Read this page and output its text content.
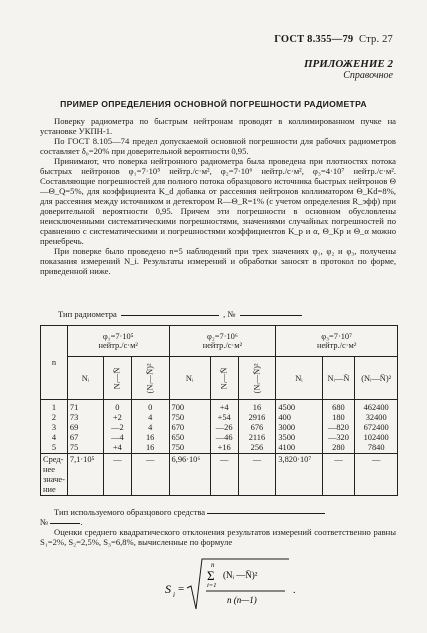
ГОСТ 8.355—79 Стр. 27
ПРИЛОЖЕНИЕ 2
Справочное
ПРИМЕР ОПРЕДЕЛЕНИЯ ОСНОВНОЙ ПОГРЕШНОСТИ РАДИОМЕТРА

Поверку радиометра по быстрым нейтронам проводят в коллимированном пучке на установке УКПН-1.

По ГОСТ 8.105—74 предел допускаемой основной погрешности для рабочих радиометров составляет δ₀=20% при доверительной вероятности 0,95.

Принимают, что поверка нейтронного радиометра была проведена при плотностях потока быстрых нейтронов φ₁=7·10⁵ нейтр./с·м², φ₂=7·10⁶ нейтр./с·м², φ₃=4·10⁷ нейтр./с·м². Составляющие погрешностей для полного потока образцового источника быстрых нейтронов Θ—Θ_Q=5%, для коэффициента K_d добавка от рассеяния нейтронов коллиматором Θ_Kd=8%, для рассеяния между источником и детектором R—Θ_R=1% (с учетом определения R_эфф) при доверительной вероятности 0,95. Причем эти погрешности в основном обусловлены неисключенными систематическими погрешностями, значениями случайных погрешностей по сравнению с систематическими и погрешностями коэффициентов K_p и α, Θ_Kp и Θ_α можно пренебречь.

При поверке было проведено n=5 наблюдений при трех значениях φ₁, φ₂ и φ₃, получены показания измерений N_i. Результаты измерений и обработки заносят в протокол по форме, приведенной ниже.

Тип радиометра	, №
n	φ₁=7·10⁵
нейтр./с·м²			φ₂=7·10⁶
нейтр./с·м²			φ₃=7·10⁷
нейтр./с·м²		
	Nᵢ	Nᵢ—N̄	(Nᵢ—N̄)²	Nᵢ	Nᵢ—N̄	(Nᵢ—N̄)²	Nᵢ	Nᵢ—N̄	(Nᵢ—N̄)²
1	71	0	0	700	+4	16	4500	680	462400
2	73	+2	4	750	+54	2916	400	180	32400
3	69	—2	4	670	—26	676	3000	—820	672400
4	67	—4	16	650	—46	2116	3500	—320	102400
5	75	+4	16	750	+16	256	4100	280	7840
Сред-
нее
значе-
ние	7,1·10⁵	—	—	6,96·10⁶	—	—	3,820·10⁷	—	—
Тип используемого образцового средства
№	.
Оценки среднего квадратического отклонения результатов измерений соответственно равны S₁=2%, S₂=2,5%, S₃=6,8%, вычисленные по формуле
S i =
n
Σ
i=1
(Nᵢ —N̄)²
n (n—1)
.
